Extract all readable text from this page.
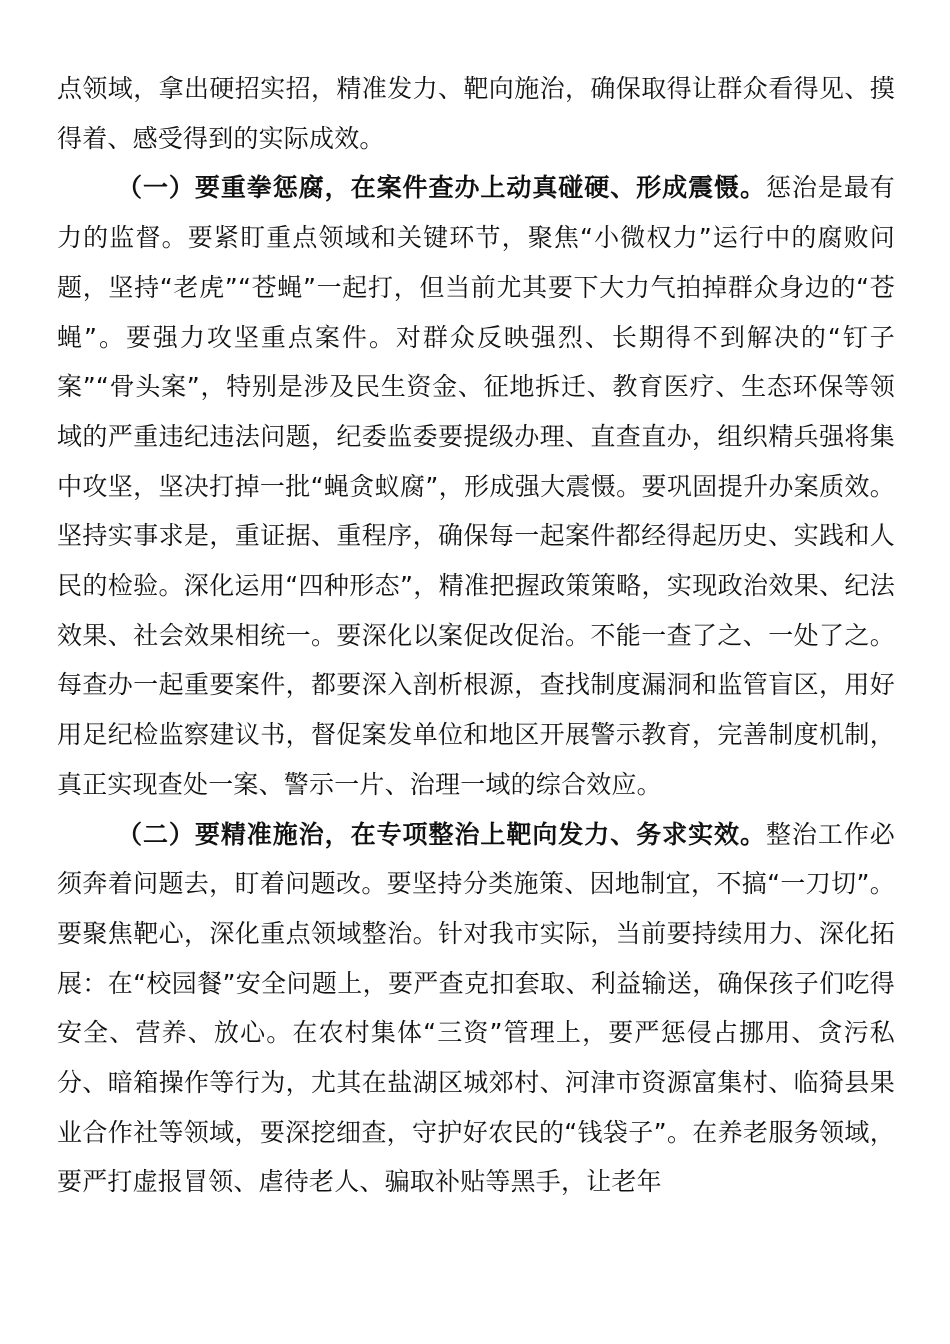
点领域，拿出硬招实招，精准发力、靶向施治，确保取得让群众看得见、摸得着、感受得到的实际成效。

（一）要重拳惩腐，在案件查办上动真碰硬、形成震慑。惩治是最有力的监督。要紧盯重点领域和关键环节，聚焦“小微权力”运行中的腐败问题，坚持“老虎”“苍蝇”一起打，但当前尤其要下大力气拍掉群众身边的“苍蝇”。要强力攻坚重点案件。对群众反映强烈、长期得不到解决的“钉子案”“骨头案”，特别是涉及民生资金、征地拆迁、教育医疗、生态环保等领域的严重违纪违法问题，纪委监委要提级办理、直查直办，组织精兵强将集中攻坚，坚决打掉一批“蝇贪蚁腐”，形成强大震慑。要巩固提升办案质效。坚持实事求是，重证据、重程序，确保每一起案件都经得起历史、实践和人民的检验。深化运用“四种形态”，精准把握政策策略，实现政治效果、纪法效果、社会效果相统一。要深化以案促改促治。不能一查了之、一处了之。每查办一起重要案件，都要深入剖析根源，查找制度漏洞和监管盲区，用好用足纪检监察建议书，督促案发单位和地区开展警示教育，完善制度机制，真正实现查处一案、警示一片、治理一域的综合效应。

（二）要精准施治，在专项整治上靶向发力、务求实效。整治工作必须奔着问题去，盯着问题改。要坚持分类施策、因地制宜，不搞“一刀切”。要聚焦靶心，深化重点领域整治。针对我市实际，当前要持续用力、深化拓展：在“校园餐”安全问题上，要严查克扣套取、利益输送，确保孩子们吃得安全、营养、放心。在农村集体“三资”管理上，要严惩侵占挪用、贪污私分、暗箱操作等行为，尤其在盐湖区城郊村、河津市资源富集村、临猗县果业合作社等领域，要深挖细查，守护好农民的“钱袋子”。在养老服务领域，要严打虚报冒领、虐待老人、骗取补贴等黑手，让老年
